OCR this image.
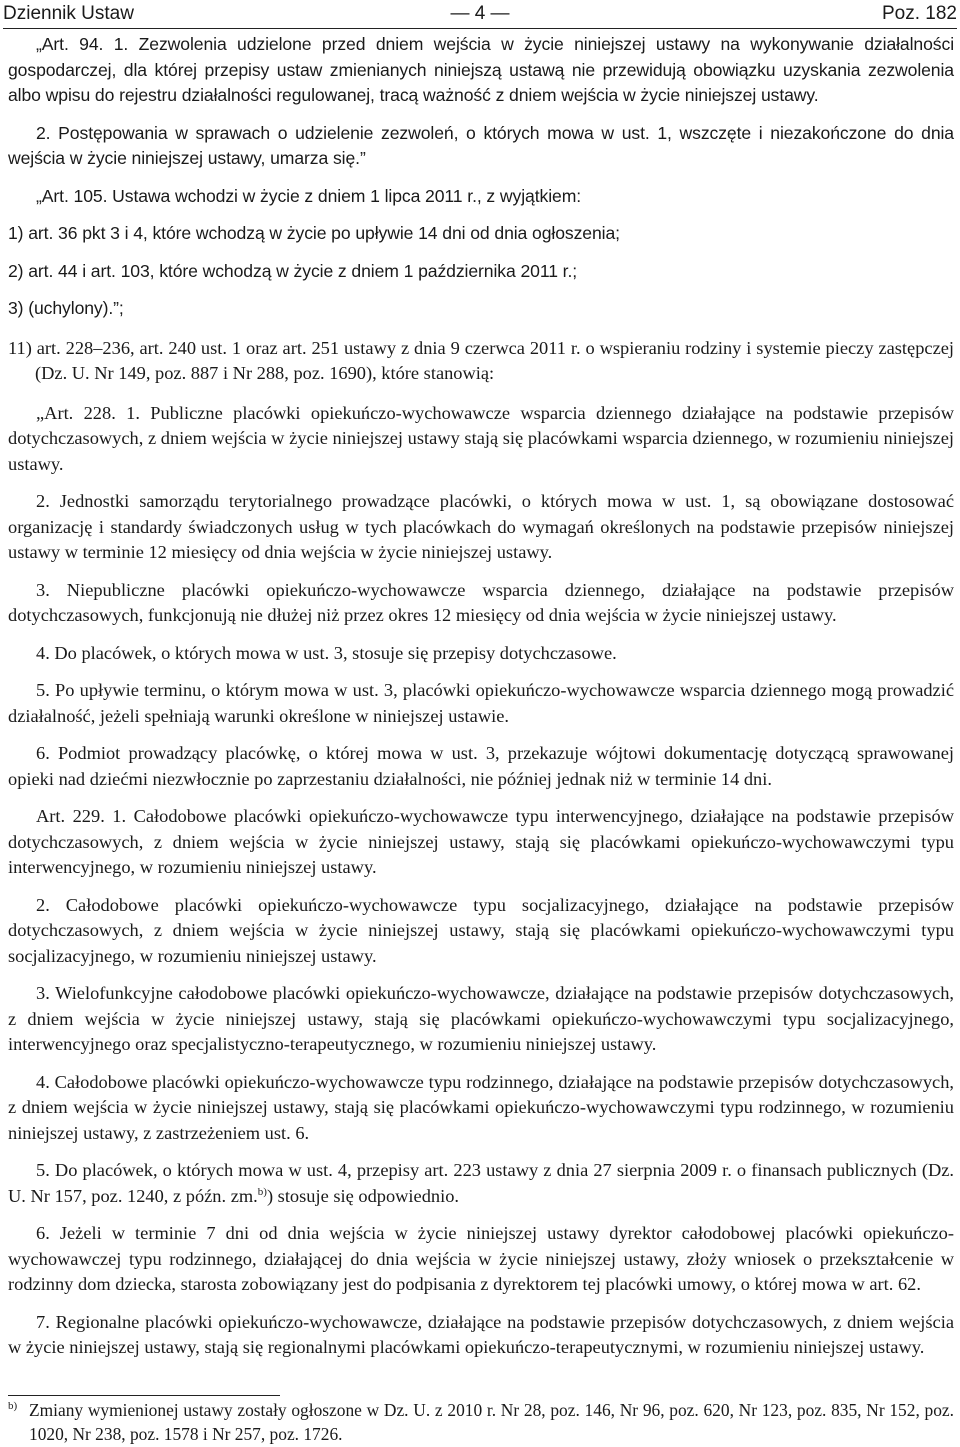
Dziennik Ustaw	— 4 —	Poz. 182

„Art. 94. 1. Zezwolenia udzielone przed dniem wejścia w życie niniejszej ustawy na wykonywanie działalności gospodarczej, dla której przepisy ustaw zmienianych niniejszą ustawą nie przewidują obowiązku uzyskania zezwolenia albo wpisu do rejestru działalności regulowanej, tracą ważność z dniem wejścia w życie niniejszej ustawy.

2. Postępowania w sprawach o udzielenie zezwoleń, o których mowa w ust. 1, wszczęte i niezakończone do dnia wejścia w życie niniejszej ustawy, umarza się.”

„Art. 105. Ustawa wchodzi w życie z dniem 1 lipca 2011 r., z wyjątkiem:

1) art. 36 pkt 3 i 4, które wchodzą w życie po upływie 14 dni od dnia ogłoszenia;

2) art. 44 i art. 103, które wchodzą w życie z dniem 1 października 2011 r.;

3) (uchylony).”;

11) art. 228–236, art. 240 ust. 1 oraz art. 251 ustawy z dnia 9 czerwca 2011 r. o wspieraniu rodziny i systemie pieczy zastępczej (Dz. U. Nr 149, poz. 887 i Nr 288, poz. 1690), które stanowią:

„Art. 228. 1. Publiczne placówki opiekuńczo-wychowawcze wsparcia dziennego działające na podstawie przepisów dotychczasowych, z dniem wejścia w życie niniejszej ustawy stają się placówkami wsparcia dziennego, w rozumieniu niniejszej ustawy.

2. Jednostki samorządu terytorialnego prowadzące placówki, o których mowa w ust. 1, są obowiązane dostosować organizację i standardy świadczonych usług w tych placówkach do wymagań określonych na podstawie przepisów niniejszej ustawy w terminie 12 miesięcy od dnia wejścia w życie niniejszej ustawy.

3. Niepubliczne placówki opiekuńczo-wychowawcze wsparcia dziennego, działające na podstawie przepisów dotychczasowych, funkcjonują nie dłużej niż przez okres 12 miesięcy od dnia wejścia w życie niniejszej ustawy.

4. Do placówek, o których mowa w ust. 3, stosuje się przepisy dotychczasowe.

5. Po upływie terminu, o którym mowa w ust. 3, placówki opiekuńczo-wychowawcze wsparcia dziennego mogą prowadzić działalność, jeżeli spełniają warunki określone w niniejszej ustawie.

6. Podmiot prowadzący placówkę, o której mowa w ust. 3, przekazuje wójtowi dokumentację dotyczącą sprawowanej opieki nad dziećmi niezwłocznie po zaprzestaniu działalności, nie później jednak niż w terminie 14 dni.

Art. 229. 1. Całodobowe placówki opiekuńczo-wychowawcze typu interwencyjnego, działające na podstawie przepisów dotychczasowych, z dniem wejścia w życie niniejszej ustawy, stają się placówkami opiekuńczo-wychowawczymi typu interwencyjnego, w rozumieniu niniejszej ustawy.

2. Całodobowe placówki opiekuńczo-wychowawcze typu socjalizacyjnego, działające na podstawie przepisów dotychczasowych, z dniem wejścia w życie niniejszej ustawy, stają się placówkami opiekuńczo-wychowawczymi typu socjalizacyjnego, w rozumieniu niniejszej ustawy.

3. Wielofunkcyjne całodobowe placówki opiekuńczo-wychowawcze, działające na podstawie przepisów dotychczasowych, z dniem wejścia w życie niniejszej ustawy, stają się placówkami opiekuńczo-wychowawczymi typu socjalizacyjnego, interwencyjnego oraz specjalistyczno-terapeutycznego, w rozumieniu niniejszej ustawy.

4. Całodobowe placówki opiekuńczo-wychowawcze typu rodzinnego, działające na podstawie przepisów dotychczasowych, z dniem wejścia w życie niniejszej ustawy, stają się placówkami opiekuńczo-wychowawczymi typu rodzinnego, w rozumieniu niniejszej ustawy, z zastrzeżeniem ust. 6.

5. Do placówek, o których mowa w ust. 4, przepisy art. 223 ustawy z dnia 27 sierpnia 2009 r. o finansach publicznych (Dz. U. Nr 157, poz. 1240, z późn. zm.$^{b)}$) stosuje się odpowiednio.

6. Jeżeli w terminie 7 dni od dnia wejścia w życie niniejszej ustawy dyrektor całodobowej placówki opiekuńczo-wychowawczej typu rodzinnego, działającej do dnia wejścia w życie niniejszej ustawy, złoży wniosek o przekształcenie w rodzinny dom dziecka, starosta zobowiązany jest do podpisania z dyrektorem tej placówki umowy, o której mowa w art. 62.

7. Regionalne placówki opiekuńczo-wychowawcze, działające na podstawie przepisów dotychczasowych, z dniem wejścia w życie niniejszej ustawy, stają się regionalnymi placówkami opiekuńczo-terapeutycznymi, w rozumieniu niniejszej ustawy.

b) Zmiany wymienionej ustawy zostały ogłoszone w Dz. U. z 2010 r. Nr 28, poz. 146, Nr 96, poz. 620, Nr 123, poz. 835, Nr 152, poz. 1020, Nr 238, poz. 1578 i Nr 257, poz. 1726.
